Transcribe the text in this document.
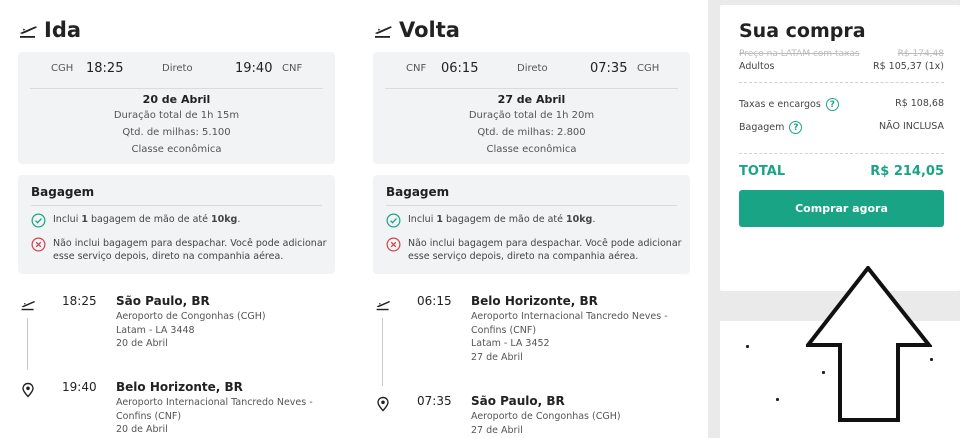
Ida
CGH 18:25	Direto	19:40 CNF
20 de Abril
Duração total de 1h 15m
Qtd. de milhas: 5.100
Classe econômica
Bagagem
Inclui 1 bagagem de mão de até 10kg.
Não inclui bagagem para despachar. Você pode adicionar
esse serviço depois, direto na companhia aérea.
18:25 São Paulo, BR
Aeroporto de Congonhas (CGH)
Latam - LA 3448
20 de Abril
19:40 Belo Horizonte, BR
Aeroporto Internacional Tancredo Neves -
Confins (CNF)
20 de Abril
Volta
CNF 06:15	Direto	07:35 CGH
27 de Abril
Duração total de 1h 20m
Qtd. de milhas: 2.800
Classe econômica
Bagagem
Inclui 1 bagagem de mão de até 10kg.
Não inclui bagagem para despachar. Você pode adicionar
esse serviço depois, direto na companhia aérea.
06:15 Belo Horizonte, BR
Aeroporto Internacional Tancredo Neves -
Confins (CNF)
Latam - LA 3452
27 de Abril
07:35 São Paulo, BR
Aeroporto de Congonhas (CGH)
27 de Abril
Sua compra
Preço na LATAM com taxas	R$ 174,48
Adultos	R$ 105,37 (1x)
Taxas e encargos ?	R$ 108,68
Bagagem ?	NÃO INCLUSA
TOTAL	R$ 214,05
Comprar agora
